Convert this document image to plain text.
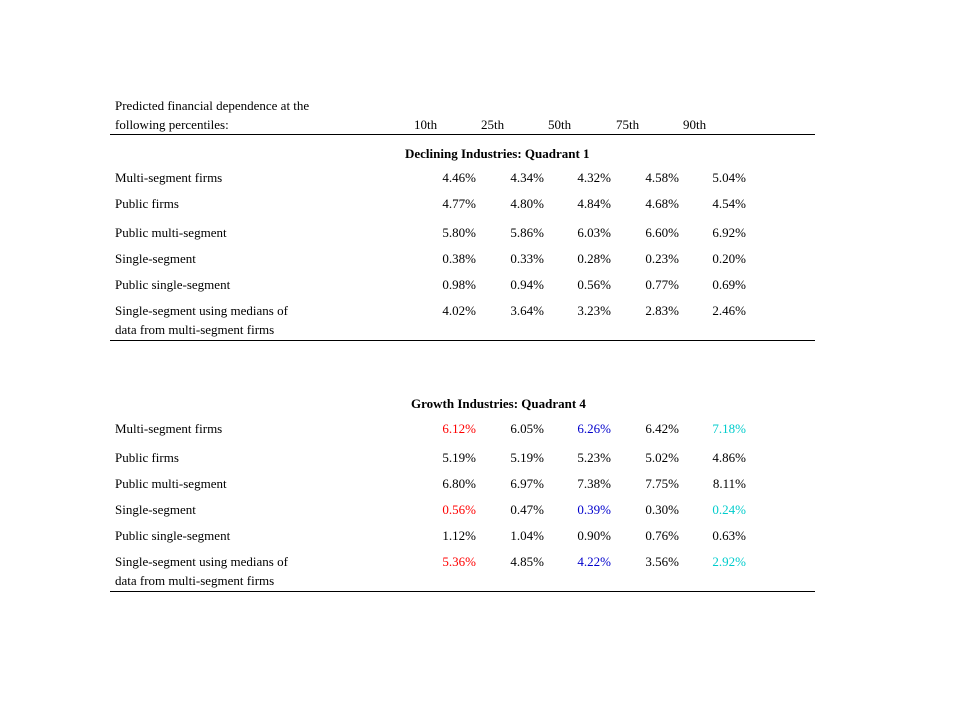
Predicted financial dependence at the
following percentiles:	10th	25th	50th	75th	90th
Declining Industries: Quadrant 1
Multi-segment firms	4.46%	4.34%	4.32%	4.58%	5.04%
Public firms	4.77%	4.80%	4.84%	4.68%	4.54%
Public multi-segment	5.80%	5.86%	6.03%	6.60%	6.92%
Single-segment	0.38%	0.33%	0.28%	0.23%	0.20%
Public single-segment	0.98%	0.94%	0.56%	0.77%	0.69%
Single-segment using medians of
data from multi-segment firms
4.02%	3.64%	3.23%	2.83%	2.46%
Growth Industries: Quadrant 4
Multi-segment firms	6.12%	6.05%	6.26%	6.42%	7.18%
Public firms	5.19%	5.19%	5.23%	5.02%	4.86%
Public multi-segment	6.80%	6.97%	7.38%	7.75%	8.11%
Single-segment	0.56%	0.47%	0.39%	0.30%	0.24%
Public single-segment	1.12%	1.04%	0.90%	0.76%	0.63%
Single-segment using medians of
data from multi-segment firms
5.36%	4.85%	4.22%	3.56%	2.92%
